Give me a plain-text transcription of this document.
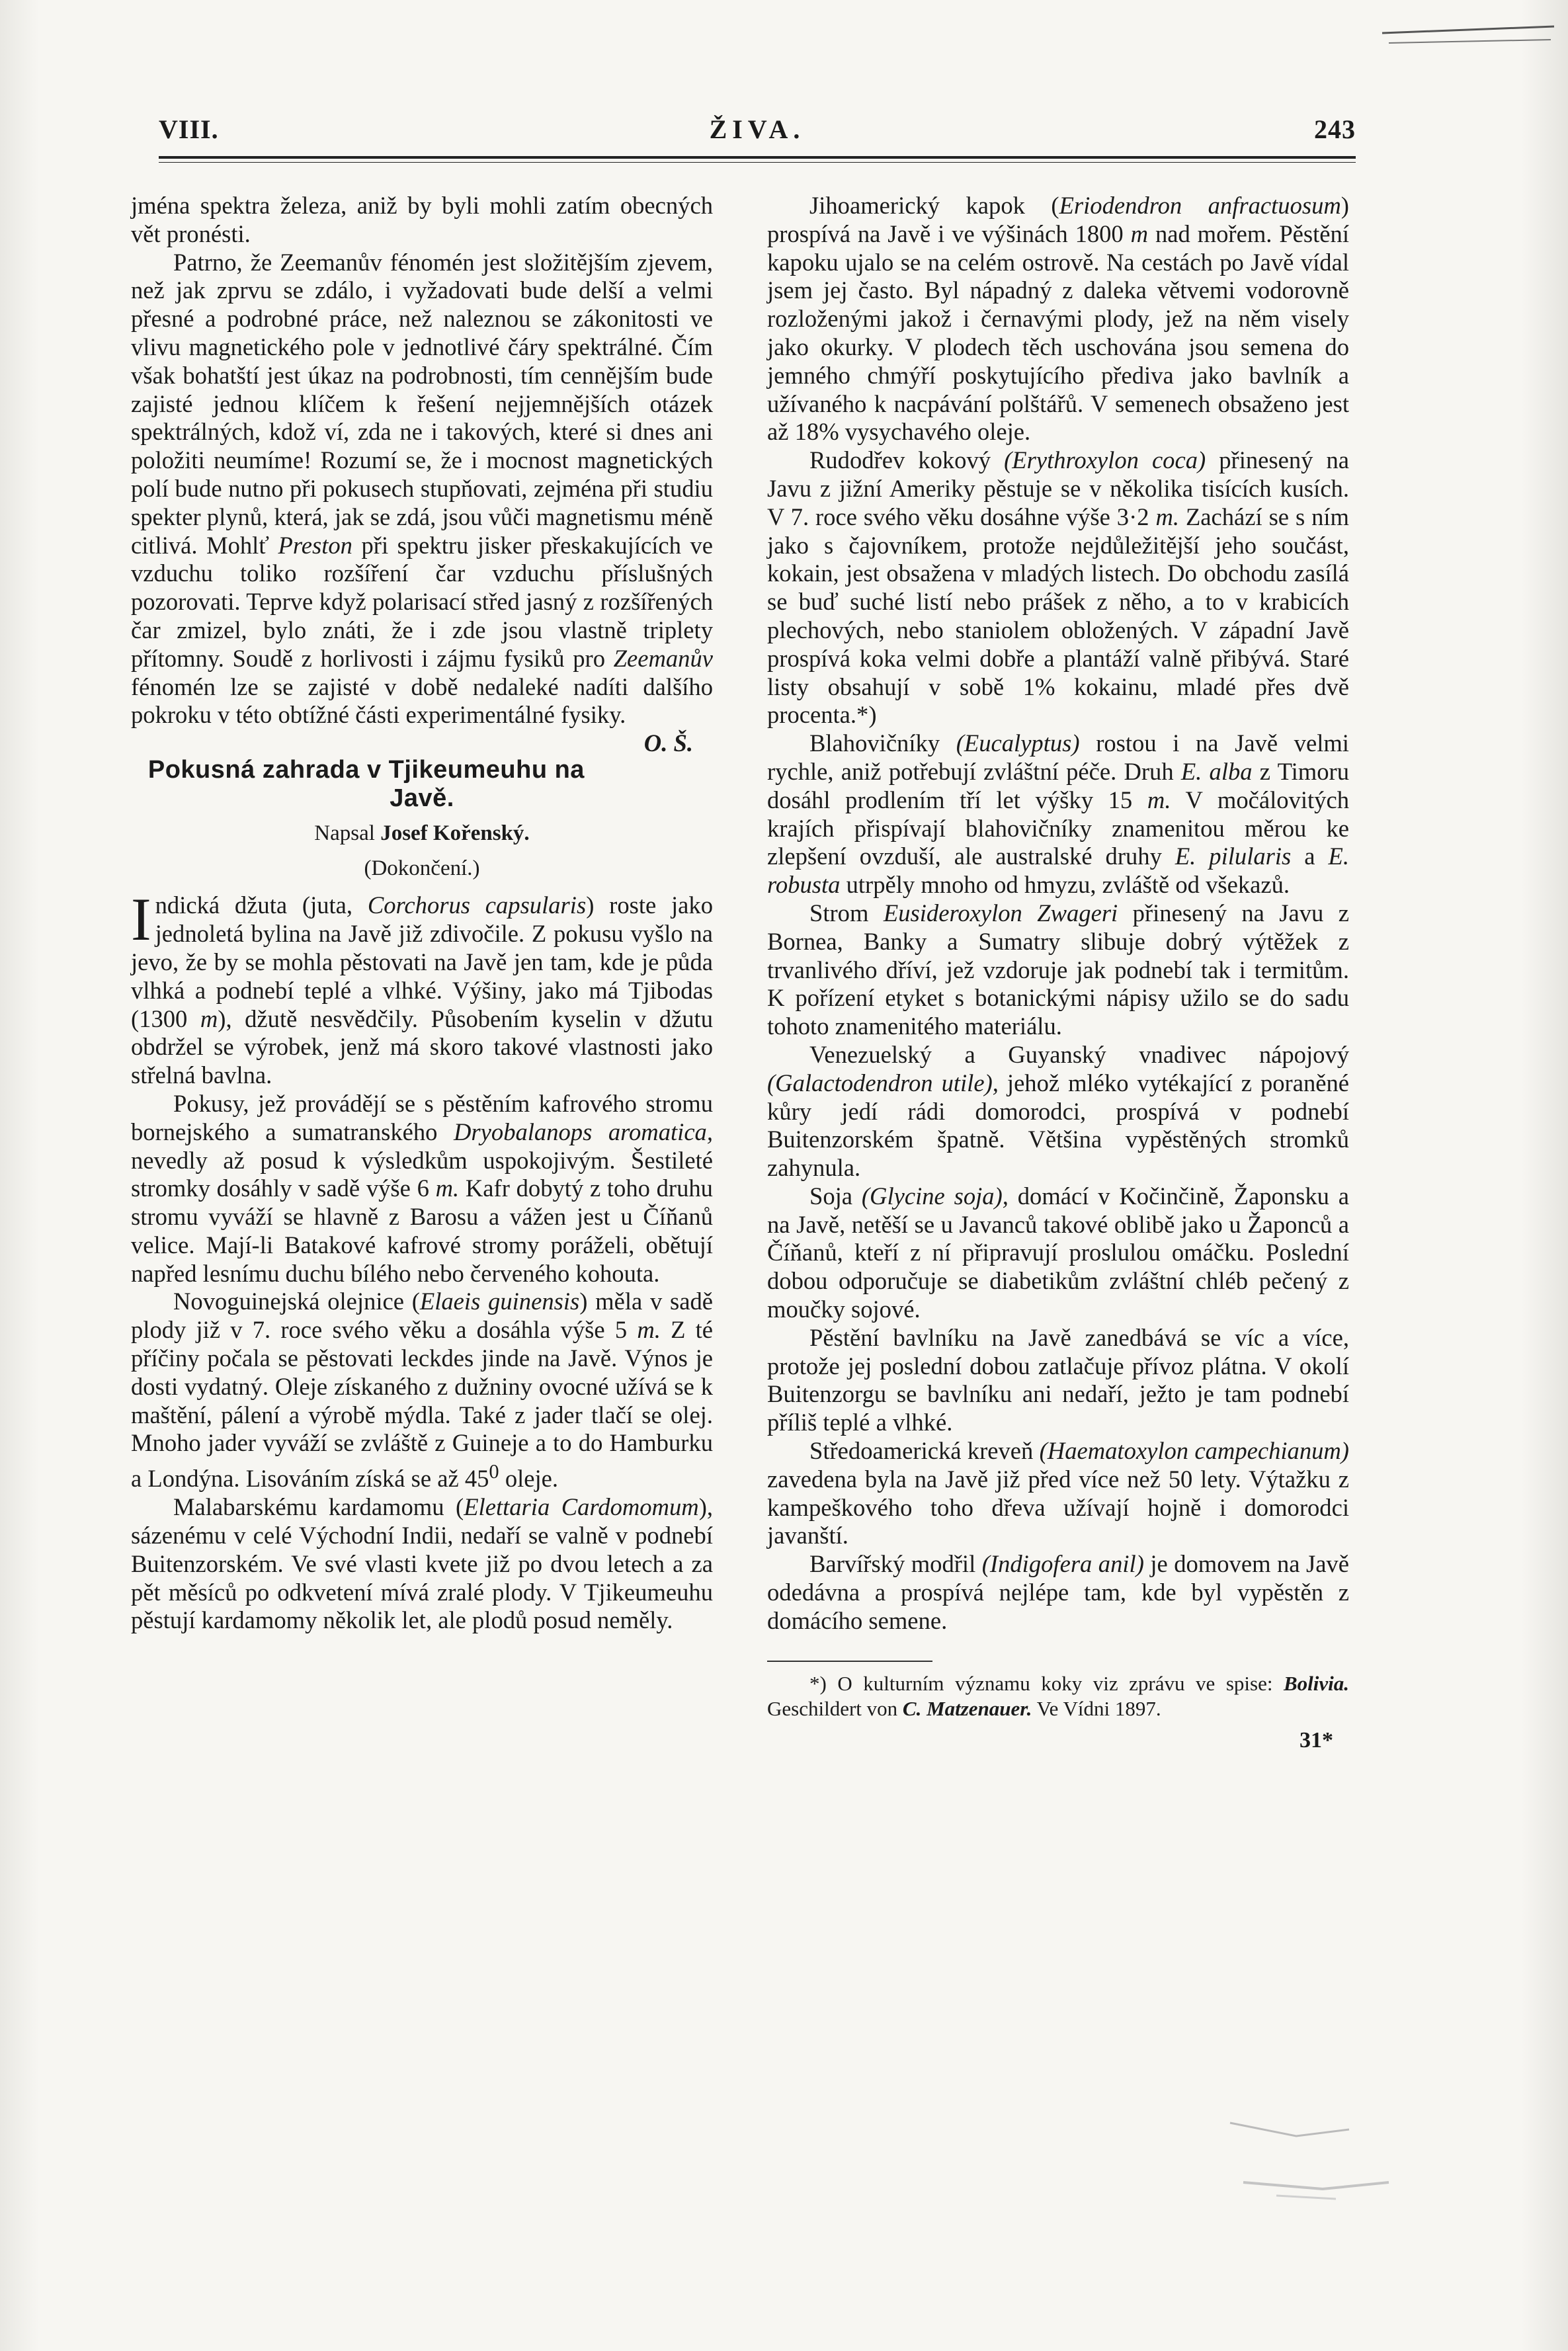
VIII.	ŽIVA.	243

jména spektra železa, aniž by byli mohli zatím obecných vět pronésti.

Patrno, že Zeemanův fénomén jest složitějším zjevem, než jak zprvu se zdálo, i vyžadovati bude delší a velmi přesné a podrobné práce, než naleznou se zákonitosti ve vlivu magnetického pole v jednotlivé čáry spektrálné. Čím však bohatští jest úkaz na podrobnosti, tím cennějším bude zajisté jednou klíčem k řešení nejjemnějších otázek spektrálných, kdož ví, zda ne i takových, které si dnes ani položiti neumíme! Rozumí se, že i mocnost magnetických polí bude nutno při pokusech stupňovati, zejména při studiu spekter plynů, která, jak se zdá, jsou vůči magnetismu méně citlivá. Mohlť Preston při spektru jisker přeskakujících ve vzduchu toliko rozšíření čar vzduchu příslušných pozorovati. Teprve když polarisací střed jasný z rozšířených čar zmizel, bylo znáti, že i zde jsou vlastně triplety přítomny. Soudě z horlivosti i zájmu fysiků pro Zeemanův fénomén lze se zajisté v době nedaleké nadíti dalšího pokroku v této obtížné části experimentálné fysiky.
O. Š.

Pokusná zahrada v Tjikeumeuhu na Javě.

Napsal Josef Kořenský.

(Dokončení.)

Indická džuta (juta, Corchorus capsularis) roste jako jednoletá bylina na Javě již zdivočile. Z pokusu vyšlo na jevo, že by se mohla pěstovati na Javě jen tam, kde je půda vlhká a podnebí teplé a vlhké. Výšiny, jako má Tjibodas (1300 m), džutě nesvědčily. Působením kyselin v džutu obdržel se výrobek, jenž má skoro takové vlastnosti jako střelná bavlna.

Pokusy, jež provádějí se s pěstěním kafrového stromu bornejského a sumatranského Dryobalanops aromatica, nevedly až posud k výsledkům uspokojivým. Šestileté stromky dosáhly v sadě výše 6 m. Kafr dobytý z toho druhu stromu vyváží se hlavně z Barosu a vážen jest u Číňanů velice. Mají-li Batakové kafrové stromy poráželi, obětují napřed lesnímu duchu bílého nebo červeného kohouta.

Novoguinejská olejnice (Elaeis guinensis) měla v sadě plody již v 7. roce svého věku a dosáhla výše 5 m. Z té příčiny počala se pěstovati leckdes jinde na Javě. Výnos je dosti vydatný. Oleje získaného z dužniny ovocné užívá se k maštění, pálení a výrobě mýdla. Také z jader tlačí se olej. Mnoho jader vyváží se zvláště z Guineje a to do Hamburku a Londýna. Lisováním získá se až $45^0$ oleje.

Malabarskému kardamomu (Elettaria Cardomomum), sázenému v celé Východní Indii, nedaří se valně v podnebí Buitenzorském. Ve své vlasti kvete již po dvou letech a za pět měsíců po odkvetení mívá zralé plody. V Tjikeumeuhu pěstují kardamomy několik let, ale plodů posud neměly.

Jihoamerický kapok (Eriodendron anfractuosum) prospívá na Javě i ve výšinách 1800 m nad mořem. Pěstění kapoku ujalo se na celém ostrově. Na cestách po Javě vídal jsem jej často. Byl nápadný z daleka větvemi vodorovně rozloženými jakož i černavými plody, jež na něm visely jako okurky. V plodech těch uschována jsou semena do jemného chmýří poskytujícího přediva jako bavlník a užívaného k nacpávání polštářů. V semenech obsaženo jest až 18% vysychavého oleje.

Rudodřev kokový (Erythroxylon coca) přinesený na Javu z jižní Ameriky pěstuje se v několika tisících kusích. V 7. roce svého věku dosáhne výše 3·2 m. Zachází se s ním jako s čajovníkem, protože nejdůležitější jeho součást, kokain, jest obsažena v mladých listech. Do obchodu zasílá se buď suché listí nebo prášek z něho, a to v krabicích plechových, nebo staniolem obložených. V západní Javě prospívá koka velmi dobře a plantáží valně přibývá. Staré listy obsahují v sobě 1% kokainu, mladé přes dvě procenta.*)

Blahovičníky (Eucalyptus) rostou i na Javě velmi rychle, aniž potřebují zvláštní péče. Druh E. alba z Timoru dosáhl prodlením tří let výšky 15 m. V močálovitých krajích přispívají blahovičníky znamenitou měrou ke zlepšení ovzduší, ale australské druhy E. pilularis a E. robusta utrpěly mnoho od hmyzu, zvláště od všekazů.

Strom Eusideroxylon Zwageri přinesený na Javu z Bornea, Banky a Sumatry slibuje dobrý výtěžek z trvanlivého dříví, jež vzdoruje jak podnebí tak i termitům. K pořízení etyket s botanickými nápisy užilo se do sadu tohoto znamenitého materiálu.

Venezuelský a Guyanský vnadivec nápojový (Galactodendron utile), jehož mléko vytékající z poraněné kůry jedí rádi domorodci, prospívá v podnebí Buitenzorském špatně. Většina vypěstěných stromků zahynula.

Soja (Glycine soja), domácí v Kočinčině, Žaponsku a na Javě, netěší se u Javanců takové oblibě jako u Žaponců a Číňanů, kteří z ní připravují proslulou omáčku. Poslední dobou odporučuje se diabetikům zvláštní chléb pečený z moučky sojové.

Pěstění bavlníku na Javě zanedbává se víc a více, protože jej poslední dobou zatlačuje přívoz plátna. V okolí Buitenzorgu se bavlníku ani nedaří, ježto je tam podnebí příliš teplé a vlhké.

Středoamerická kreveň (Haematoxylon campechianum) zavedena byla na Javě již před více než 50 lety. Výtažku z kampeškového toho dřeva užívají hojně i domorodci javanští.

Barvířský modřil (Indigofera anil) je domovem na Javě odedávna a prospívá nejlépe tam, kde byl vypěstěn z domácího semene.

*) O kulturním významu koky viz zprávu ve spise: Bolivia. Geschildert von C. Matzenauer. Ve Vídni 1897.

31*
